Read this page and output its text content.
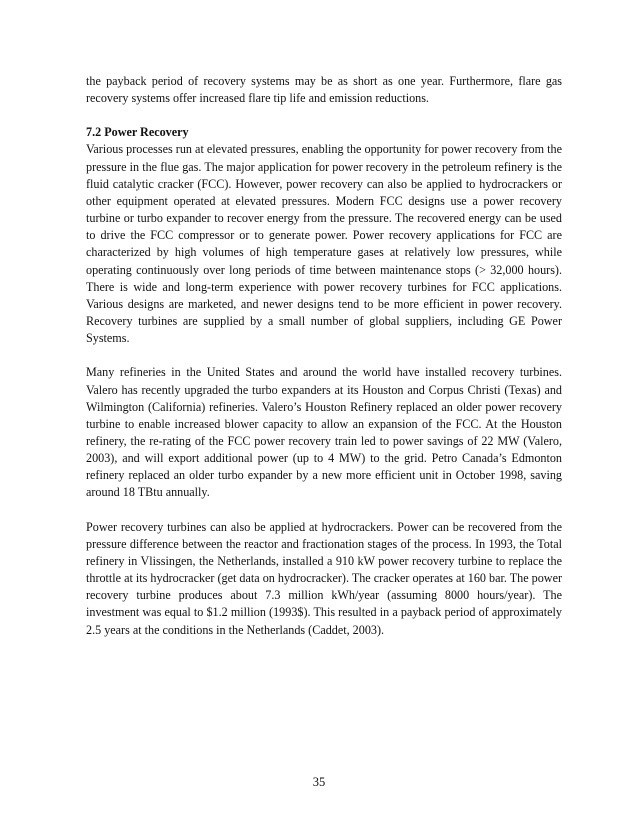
the payback period of recovery systems may be as short as one year. Furthermore, flare gas recovery systems offer increased flare tip life and emission reductions.

7.2 Power Recovery

Various processes run at elevated pressures, enabling the opportunity for power recovery from the pressure in the flue gas. The major application for power recovery in the petroleum refinery is the fluid catalytic cracker (FCC). However, power recovery can also be applied to hydrocrackers or other equipment operated at elevated pressures. Modern FCC designs use a power recovery turbine or turbo expander to recover energy from the pressure. The recovered energy can be used to drive the FCC compressor or to generate power. Power recovery applications for FCC are characterized by high volumes of high temperature gases at relatively low pressures, while operating continuously over long periods of time between maintenance stops (> 32,000 hours). There is wide and long-term experience with power recovery turbines for FCC applications. Various designs are marketed, and newer designs tend to be more efficient in power recovery. Recovery turbines are supplied by a small number of global suppliers, including GE Power Systems.

Many refineries in the United States and around the world have installed recovery turbines. Valero has recently upgraded the turbo expanders at its Houston and Corpus Christi (Texas) and Wilmington (California) refineries. Valero’s Houston Refinery replaced an older power recovery turbine to enable increased blower capacity to allow an expansion of the FCC. At the Houston refinery, the re-rating of the FCC power recovery train led to power savings of 22 MW (Valero, 2003), and will export additional power (up to 4 MW) to the grid. Petro Canada’s Edmonton refinery replaced an older turbo expander by a new more efficient unit in October 1998, saving around 18 TBtu annually.

Power recovery turbines can also be applied at hydrocrackers. Power can be recovered from the pressure difference between the reactor and fractionation stages of the process. In 1993, the Total refinery in Vlissingen, the Netherlands, installed a 910 kW power recovery turbine to replace the throttle at its hydrocracker (get data on hydrocracker). The cracker operates at 160 bar. The power recovery turbine produces about 7.3 million kWh/year (assuming 8000 hours/year). The investment was equal to $1.2 million (1993$). This resulted in a payback period of approximately 2.5 years at the conditions in the Netherlands (Caddet, 2003).

35
